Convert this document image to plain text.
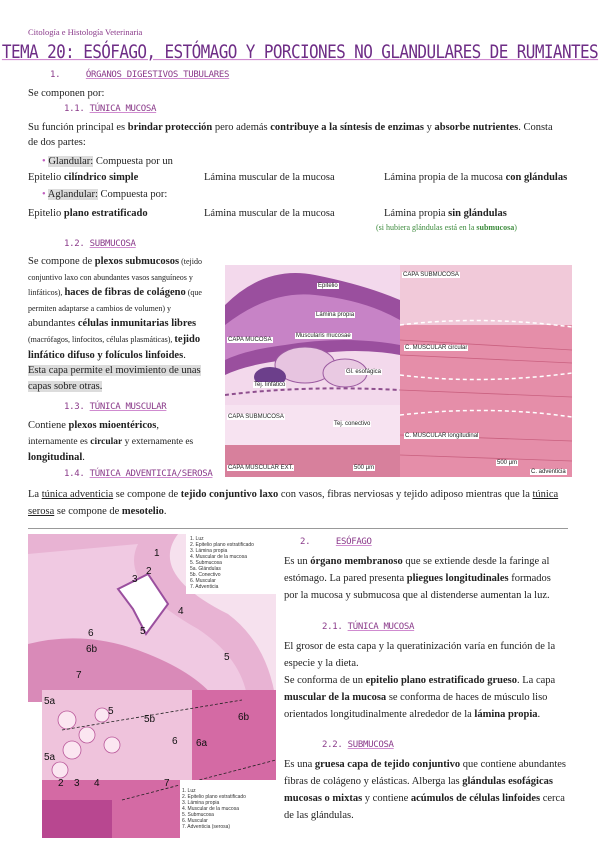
Citología e Histología Veterinaria
TEMA 20: ESÓFAGO, ESTÓMAGO Y PORCIONES NO GLANDULARES DE RUMIANTES
1.	ÓRGANOS DIGESTIVOS TUBULARES
Se componen por:
1.1. TÚNICA MUCOSA
Su función principal es brindar protección pero además contribuye a la síntesis de enzimas y absorbe nutrientes. Consta
de dos partes:
• Glandular: Compuesta por un
Epitelio cilíndrico simple	Lámina muscular de la mucosa	Lámina propia de la mucosa con glándulas
• Aglandular: Compuesta por:
Epitelio plano estratificado	Lámina muscular de la mucosa	Lámina propia sin glándulas
(si hubiera glándulas está en la submucosa)
1.2. SUBMUCOSA
Se compone de plexos submucosos (tejido
conjuntivo laxo con abundantes vasos sanguíneos y
linfáticos), haces de fibras de colágeno (que
permiten adaptarse a cambios de volumen) y
abundantes células inmunitarias libres
(macrófagos, linfocitos, células plasmáticas), tejido
linfático difuso y folículos linfoides.
Esta capa permite el movimiento de unas
capas sobre otras.
1.3. TÚNICA MUSCULAR
Contiene plexos mioentéricos,
internamente es circular y externamente es
longitudinal.
1.4. TÚNICA ADVENTICIA/SEROSA
La túnica adventicia se compone de tejido conjuntivo laxo con vasos, fibras nerviosas y tejido adiposo mientras que la túnica
serosa se compone de mesotelio.
Epitelio
Lámina propia
Muscularis mucosae
CAPA MUCOSA
Gl. esofágica
Tej. linfático
CAPA SUBMUCOSA
Tej. conectivo
CAPA MUSCULAR EXT.	500 μm
CAPA SUBMUCOSA
C. MUSCULAR circular
C. MUSCULAR longitudinal
C. adventicia
500 μm
1
2
3
4
5
6
6b
7
5
1. Luz
2. Epitelio plano estratificado
3. Lámina propia
4. Muscular de la mucosa
5. Submucosa
5a. Glándulas
5b. Conectivo
6. Muscular
7. Adventicia
5a
5
5b	6b
6 6a
5a
2 3 4	7
1. Luz
2. Epitelio plano estratificado
3. Lámina propia
4. Muscular de la mucosa
5. Submucosa
6. Muscular
7. Adventicia (serosa)
2.	ESÓFAGO
Es un órgano membranoso que se extiende desde la faringe al
estómago. La pared presenta pliegues longitudinales formados
por la mucosa y submucosa que al distenderse aumentan la luz.
2.1. TÚNICA MUCOSA
El grosor de esta capa y la queratinización varía en función de la
especie y la dieta.
Se conforma de un epitelio plano estratificado grueso. La capa
muscular de la mucosa se conforma de haces de músculo liso
orientados longitudinalmente alrededor de la lámina propia.
2.2. SUBMUCOSA
Es una gruesa capa de tejido conjuntivo que contiene abundantes
fibras de colágeno y elásticas. Alberga las glándulas esofágicas
mucosas o mixtas y contiene acúmulos de células linfoides cerca
de las glándulas.
